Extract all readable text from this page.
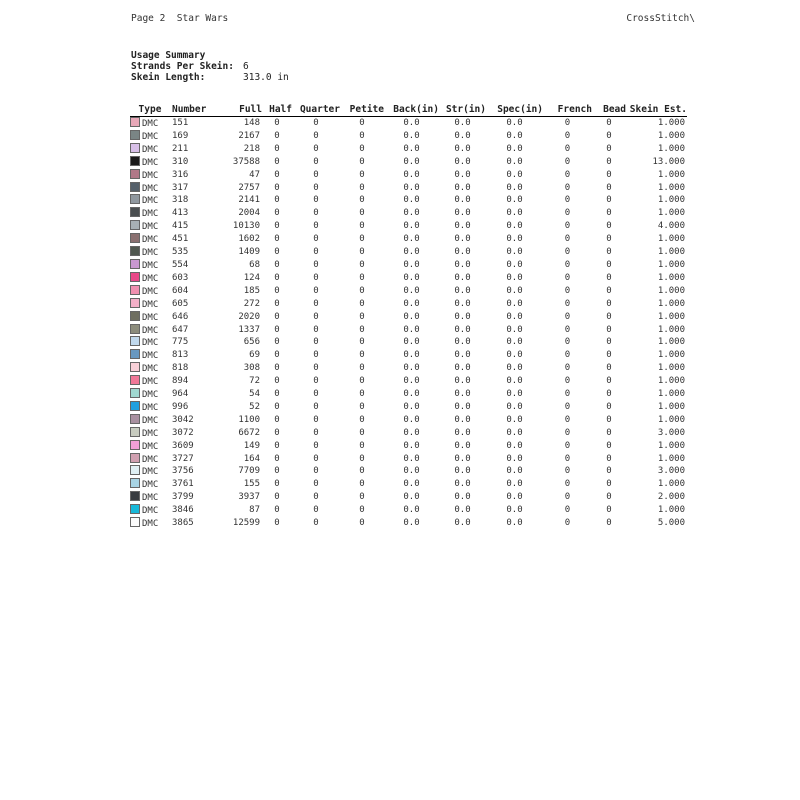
Page 2 Star Wars	CrossStitch\
Usage Summary
Strands Per Skein: 6
Skein Length:	313.0 in
Type	Number	Full	Half	Quarter	Petite	Back(in)	Str(in)	Spec(in)	French	Bead	Skein Est.
DMC	151	148	0	0	0	0.0	0.0	0.0	0	0	1.000
DMC	169	2167	0	0	0	0.0	0.0	0.0	0	0	1.000
DMC	211	218	0	0	0	0.0	0.0	0.0	0	0	1.000
DMC	310	37588	0	0	0	0.0	0.0	0.0	0	0	13.000
DMC	316	47	0	0	0	0.0	0.0	0.0	0	0	1.000
DMC	317	2757	0	0	0	0.0	0.0	0.0	0	0	1.000
DMC	318	2141	0	0	0	0.0	0.0	0.0	0	0	1.000
DMC	413	2004	0	0	0	0.0	0.0	0.0	0	0	1.000
DMC	415	10130	0	0	0	0.0	0.0	0.0	0	0	4.000
DMC	451	1602	0	0	0	0.0	0.0	0.0	0	0	1.000
DMC	535	1409	0	0	0	0.0	0.0	0.0	0	0	1.000
DMC	554	68	0	0	0	0.0	0.0	0.0	0	0	1.000
DMC	603	124	0	0	0	0.0	0.0	0.0	0	0	1.000
DMC	604	185	0	0	0	0.0	0.0	0.0	0	0	1.000
DMC	605	272	0	0	0	0.0	0.0	0.0	0	0	1.000
DMC	646	2020	0	0	0	0.0	0.0	0.0	0	0	1.000
DMC	647	1337	0	0	0	0.0	0.0	0.0	0	0	1.000
DMC	775	656	0	0	0	0.0	0.0	0.0	0	0	1.000
DMC	813	69	0	0	0	0.0	0.0	0.0	0	0	1.000
DMC	818	308	0	0	0	0.0	0.0	0.0	0	0	1.000
DMC	894	72	0	0	0	0.0	0.0	0.0	0	0	1.000
DMC	964	54	0	0	0	0.0	0.0	0.0	0	0	1.000
DMC	996	52	0	0	0	0.0	0.0	0.0	0	0	1.000
DMC	3042	1100	0	0	0	0.0	0.0	0.0	0	0	1.000
DMC	3072	6672	0	0	0	0.0	0.0	0.0	0	0	3.000
DMC	3609	149	0	0	0	0.0	0.0	0.0	0	0	1.000
DMC	3727	164	0	0	0	0.0	0.0	0.0	0	0	1.000
DMC	3756	7709	0	0	0	0.0	0.0	0.0	0	0	3.000
DMC	3761	155	0	0	0	0.0	0.0	0.0	0	0	1.000
DMC	3799	3937	0	0	0	0.0	0.0	0.0	0	0	2.000
DMC	3846	87	0	0	0	0.0	0.0	0.0	0	0	1.000
DMC	3865	12599	0	0	0	0.0	0.0	0.0	0	0	5.000
